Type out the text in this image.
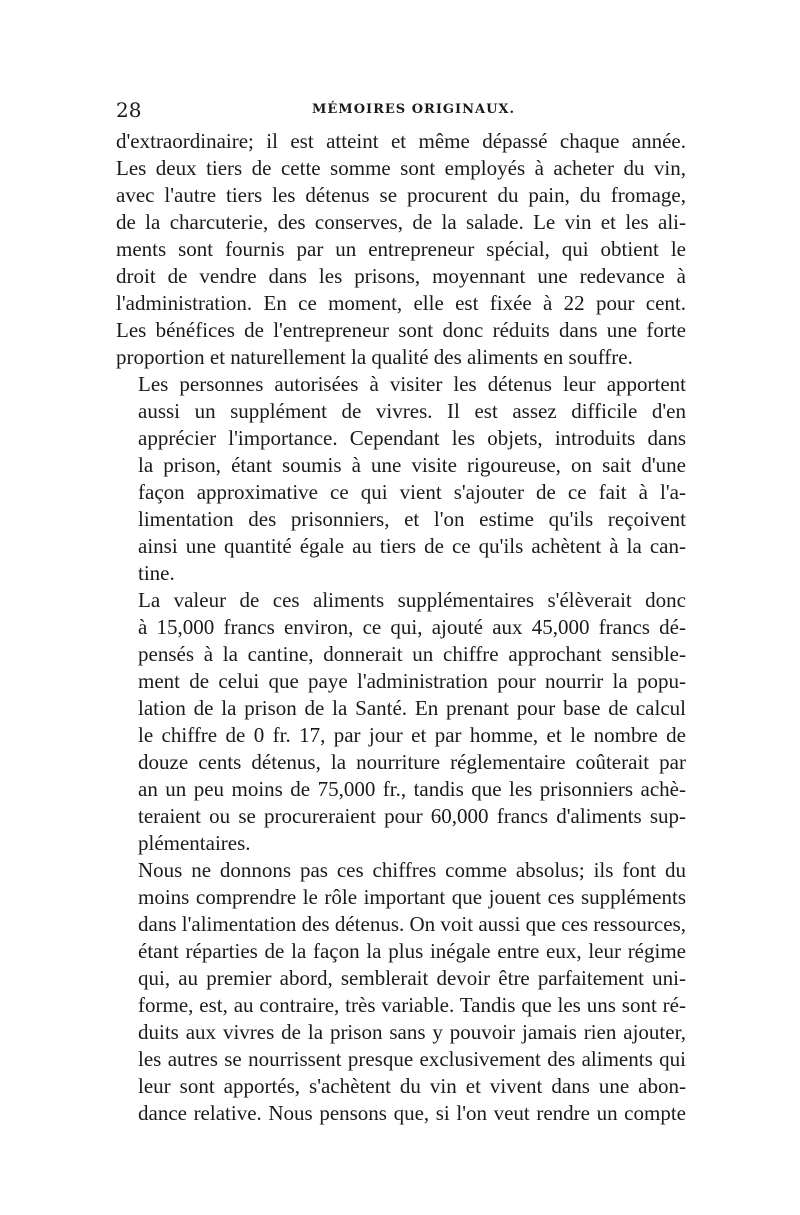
28	MÉMOIRES ORIGINAUX.
d'extraordinaire; il est atteint et même dépassé chaque année.
Les deux tiers de cette somme sont employés à acheter du vin,
avec l'autre tiers les détenus se procurent du pain, du fromage,
de la charcuterie, des conserves, de la salade. Le vin et les ali-
ments sont fournis par un entrepreneur spécial, qui obtient le
droit de vendre dans les prisons, moyennant une redevance à
l'administration. En ce moment, elle est fixée à 22 pour cent.
Les bénéfices de l'entrepreneur sont donc réduits dans une forte
proportion et naturellement la qualité des aliments en souffre.
Les personnes autorisées à visiter les détenus leur apportent
aussi un supplément de vivres. Il est assez difficile d'en
apprécier l'importance. Cependant les objets, introduits dans
la prison, étant soumis à une visite rigoureuse, on sait d'une
façon approximative ce qui vient s'ajouter de ce fait à l'a-
limentation des prisonniers, et l'on estime qu'ils reçoivent
ainsi une quantité égale au tiers de ce qu'ils achètent à la can-
tine.
La valeur de ces aliments supplémentaires s'élèverait donc
à 15,000 francs environ, ce qui, ajouté aux 45,000 francs dé-
pensés à la cantine, donnerait un chiffre approchant sensible-
ment de celui que paye l'administration pour nourrir la popu-
lation de la prison de la Santé. En prenant pour base de calcul
le chiffre de 0 fr. 17, par jour et par homme, et le nombre de
douze cents détenus, la nourriture réglementaire coûterait par
an un peu moins de 75,000 fr., tandis que les prisonniers achè-
teraient ou se procureraient pour 60,000 francs d'aliments sup-
plémentaires.
Nous ne donnons pas ces chiffres comme absolus; ils font du
moins comprendre le rôle important que jouent ces suppléments
dans l'alimentation des détenus. On voit aussi que ces ressources,
étant réparties de la façon la plus inégale entre eux, leur régime
qui, au premier abord, semblerait devoir être parfaitement uni-
forme, est, au contraire, très variable. Tandis que les uns sont ré-
duits aux vivres de la prison sans y pouvoir jamais rien ajouter,
les autres se nourrissent presque exclusivement des aliments qui
leur sont apportés, s'achètent du vin et vivent dans une abon-
dance relative. Nous pensons que, si l'on veut rendre un compte
